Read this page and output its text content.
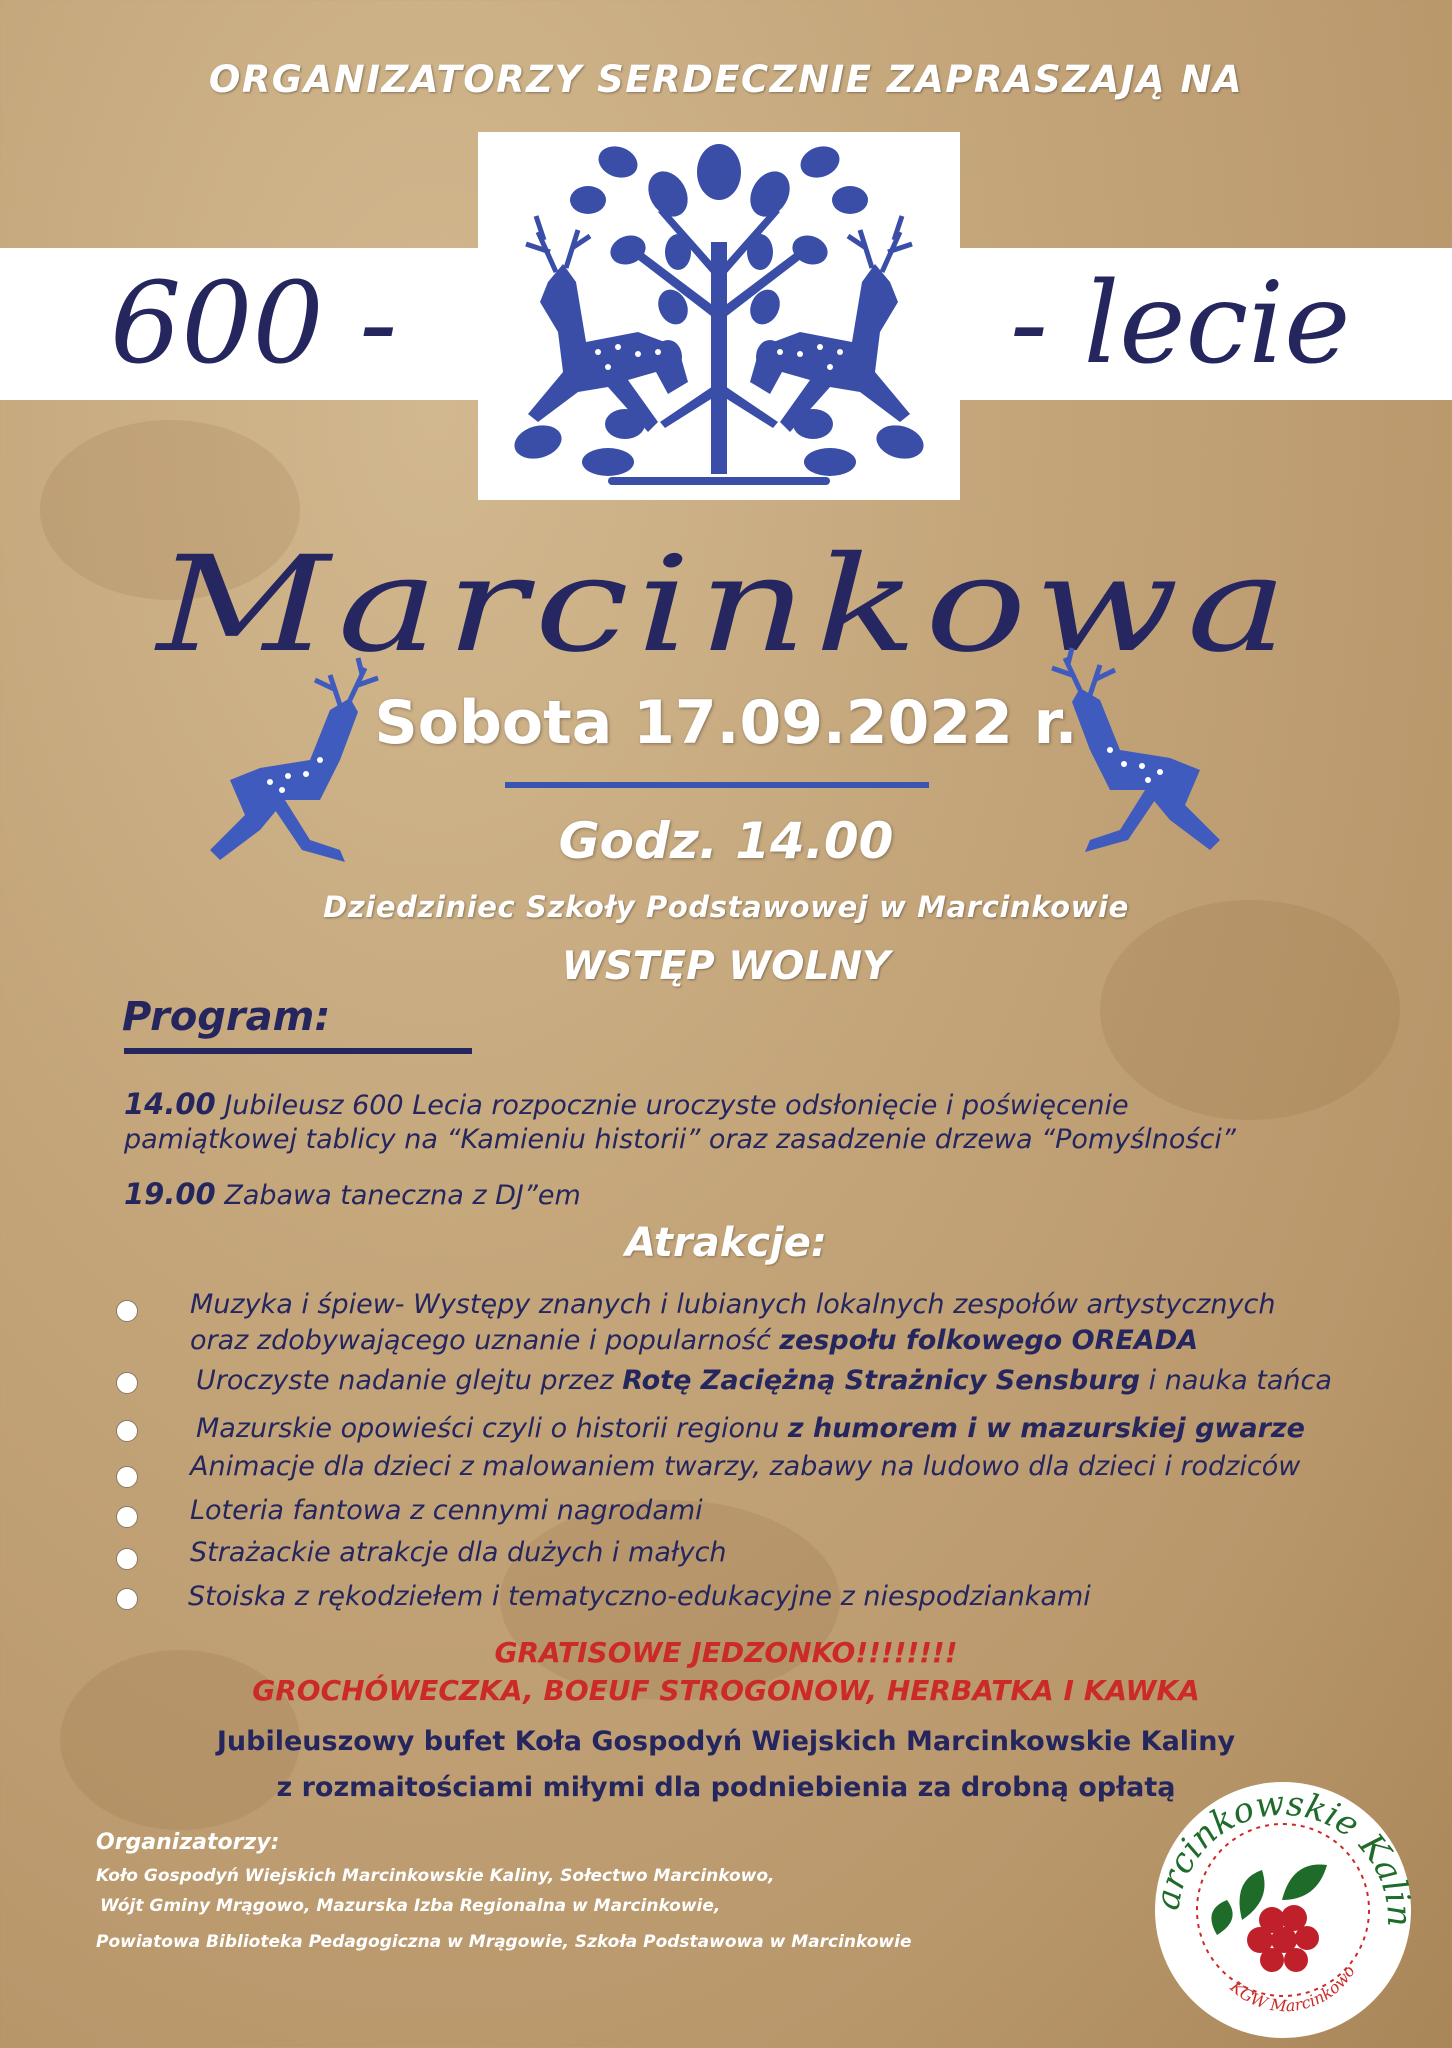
ORGANIZATORZY SERDECZNIE ZAPRASZAJĄ NA
600 -	- lecie
Marcinkowa
Sobota 17.09.2022 r.
Godz. 14.00
Dziedziniec Szkoły Podstawowej w Marcinkowie
WSTĘP WOLNY
Program:
14.00 Jubileusz 600 Lecia rozpocznie uroczyste odsłonięcie i poświęcenie
pamiątkowej tablicy na “Kamieniu historii” oraz zasadzenie drzewa “Pomyślności”
19.00 Zabawa taneczna z DJ”em
Atrakcje:
Muzyka i śpiew- Występy znanych i lubianych lokalnych zespołów artystycznych
oraz zdobywającego uznanie i popularność zespołu folkowego OREADA
Uroczyste nadanie glejtu przez Rotę Zaciężną Strażnicy Sensburg i nauka tańca
Mazurskie opowieści czyli o historii regionu z humorem i w mazurskiej gwarze
Animacje dla dzieci z malowaniem twarzy, zabawy na ludowo dla dzieci i rodziców
Loteria fantowa z cennymi nagrodami
Strażackie atrakcje dla dużych i małych
Stoiska z rękodziełem i tematyczno-edukacyjne z niespodziankami
GRATISOWE JEDZONKO!!!!!!!!
GROCHÓWECZKA, BOEUF STROGONOW, HERBATKA I KAWKA
Jubileuszowy bufet Koła Gospodyń Wiejskich Marcinkowskie Kaliny
z rozmaitościami miłymi dla podniebienia za drobną opłatą
Organizatorzy:
Koło Gospodyń Wiejskich Marcinkowskie Kaliny, Sołectwo Marcinkowo,
Wójt Gminy Mrągowo, Mazurska Izba Regionalna w Marcinkowie,
Powiatowa Biblioteka Pedagogiczna w Mrągowie, Szkoła Podstawowa w Marcinkowie
arcinkowskie Kalin
KGW Marcinkowo
